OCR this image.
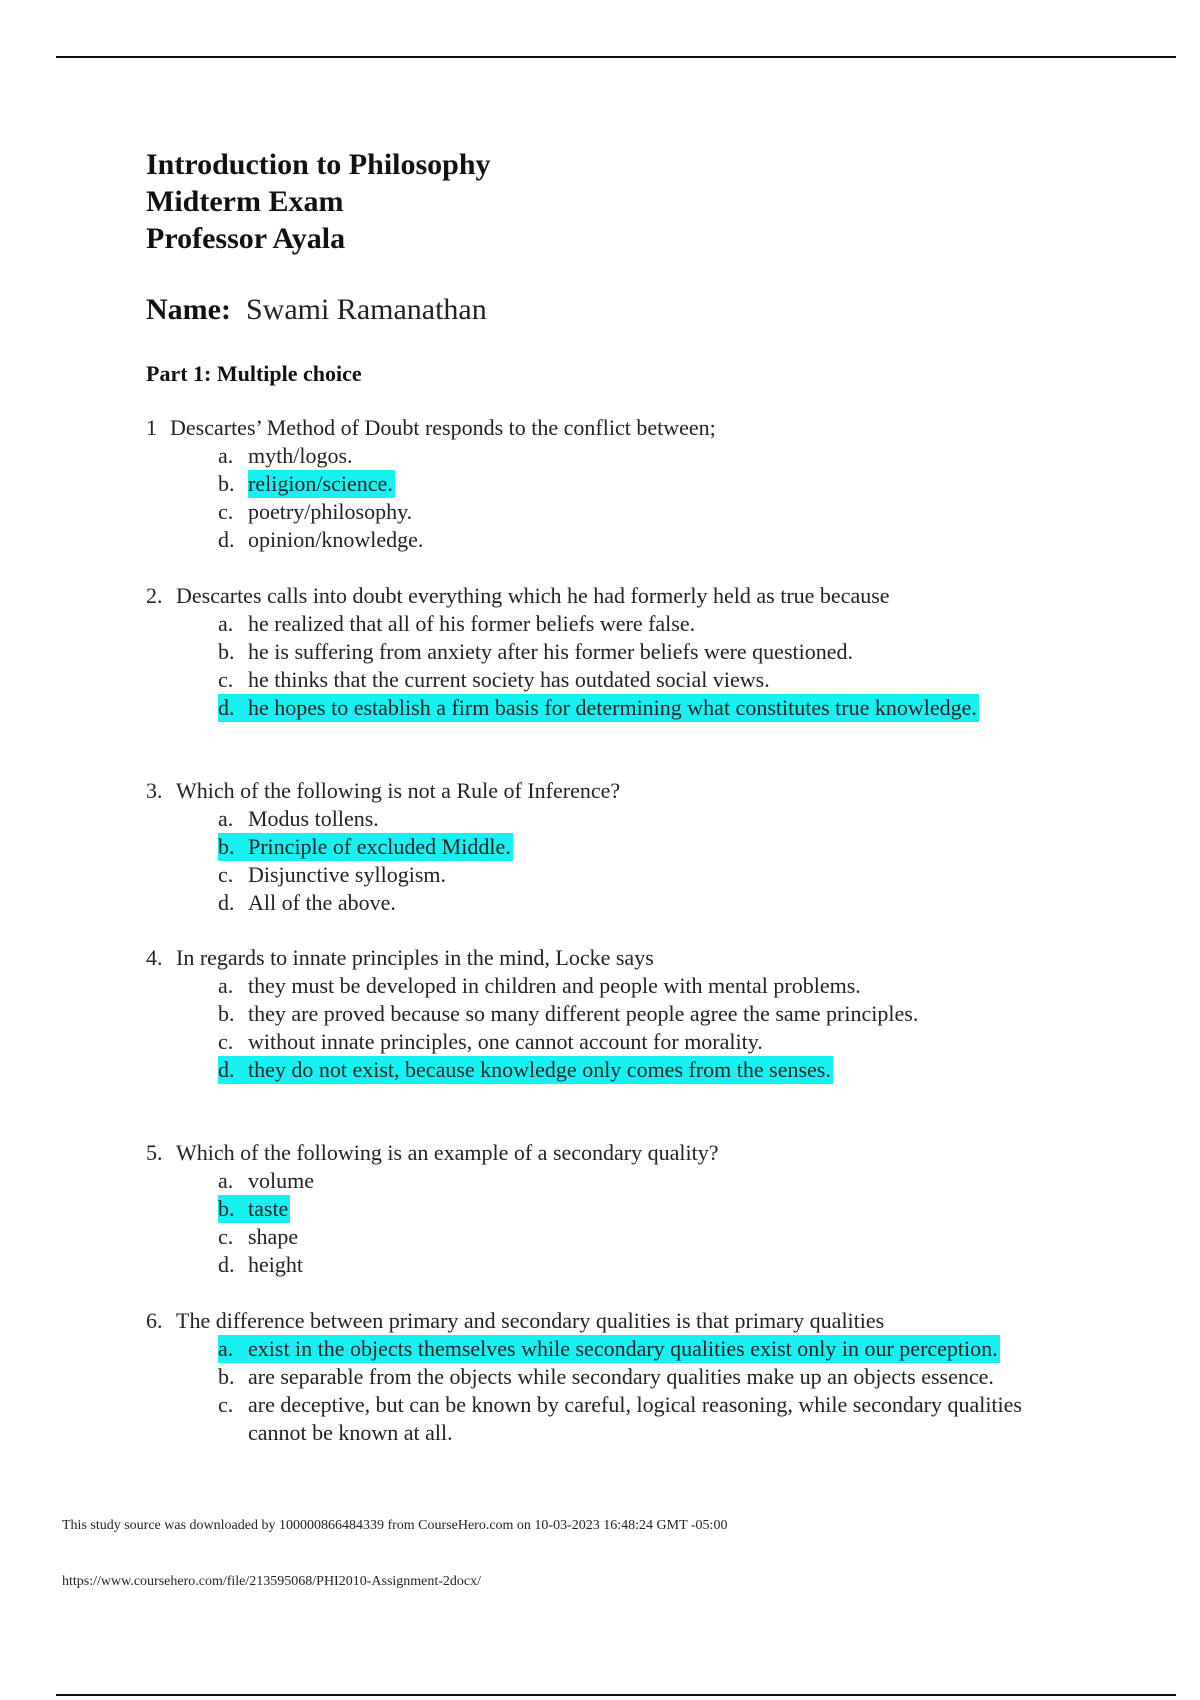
Introduction to Philosophy
Midterm Exam
Professor Ayala
Name: Swami Ramanathan
Part 1: Multiple choice
1 Descartes’ Method of Doubt responds to the conflict between;
a. myth/logos.
b. religion/science.
c. poetry/philosophy.
d. opinion/knowledge.
2. Descartes calls into doubt everything which he had formerly held as true because
a. he realized that all of his former beliefs were false.
b. he is suffering from anxiety after his former beliefs were questioned.
c. he thinks that the current society has outdated social views.
d. he hopes to establish a firm basis for determining what constitutes true knowledge.
3. Which of the following is not a Rule of Inference?
a. Modus tollens.
b. Principle of excluded Middle.
c. Disjunctive syllogism.
d. All of the above.
4. In regards to innate principles in the mind, Locke says
a. they must be developed in children and people with mental problems.
b. they are proved because so many different people agree the same principles.
c. without innate principles, one cannot account for morality.
d. they do not exist, because knowledge only comes from the senses.
5. Which of the following is an example of a secondary quality?
a. volume
b. taste
c. shape
d. height
6. The difference between primary and secondary qualities is that primary qualities
a. exist in the objects themselves while secondary qualities exist only in our perception.
b. are separable from the objects while secondary qualities make up an objects essence.
c. are deceptive, but can be known by careful, logical reasoning, while secondary qualities cannot be known at all.
This study source was downloaded by 100000866484339 from CourseHero.com on 10-03-2023 16:48:24 GMT -05:00
https://www.coursehero.com/file/213595068/PHI2010-Assignment-2docx/
